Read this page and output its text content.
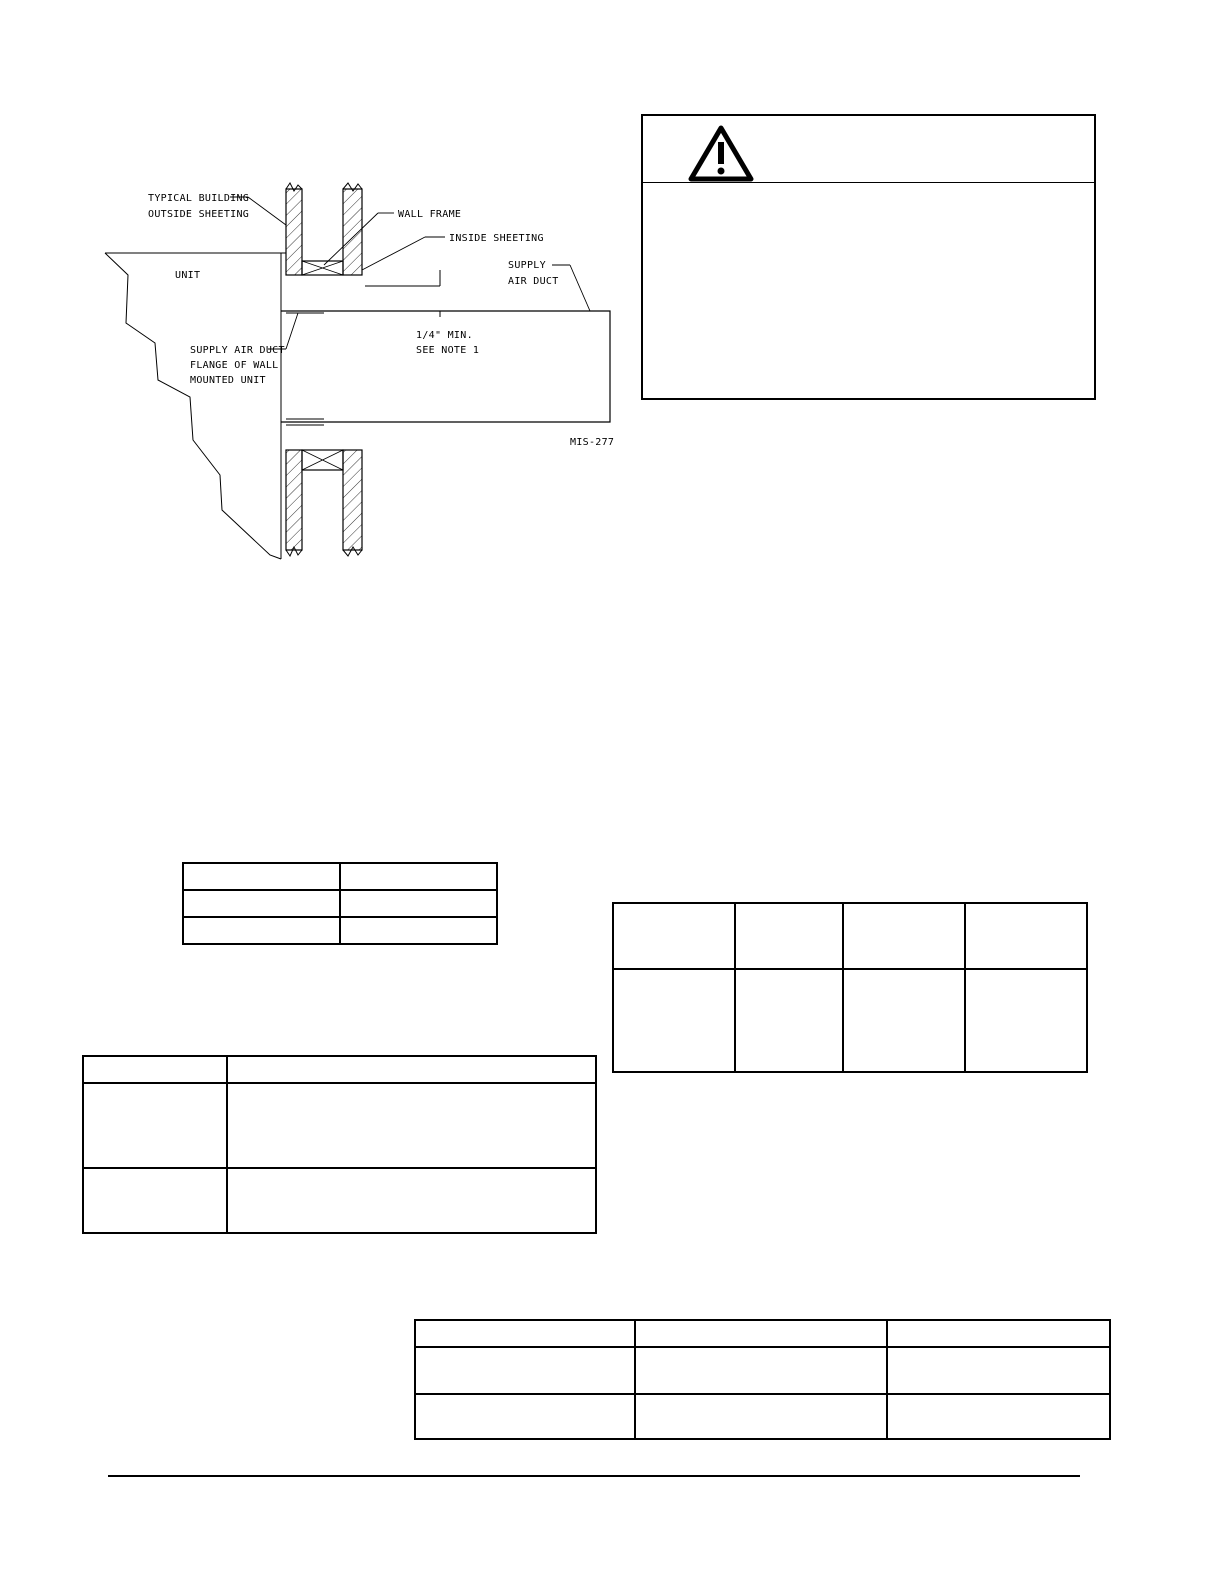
TYPICAL BUILDING
OUTSIDE SHEETING	WALL FRAME
INSIDE SHEETING
UNIT
SUPPLY
AIR DUCT
SUPPLY AIR DUCT
FLANGE OF WALL
MOUNTED UNIT
1/4" MIN.
SEE NOTE 1
MIS-277
